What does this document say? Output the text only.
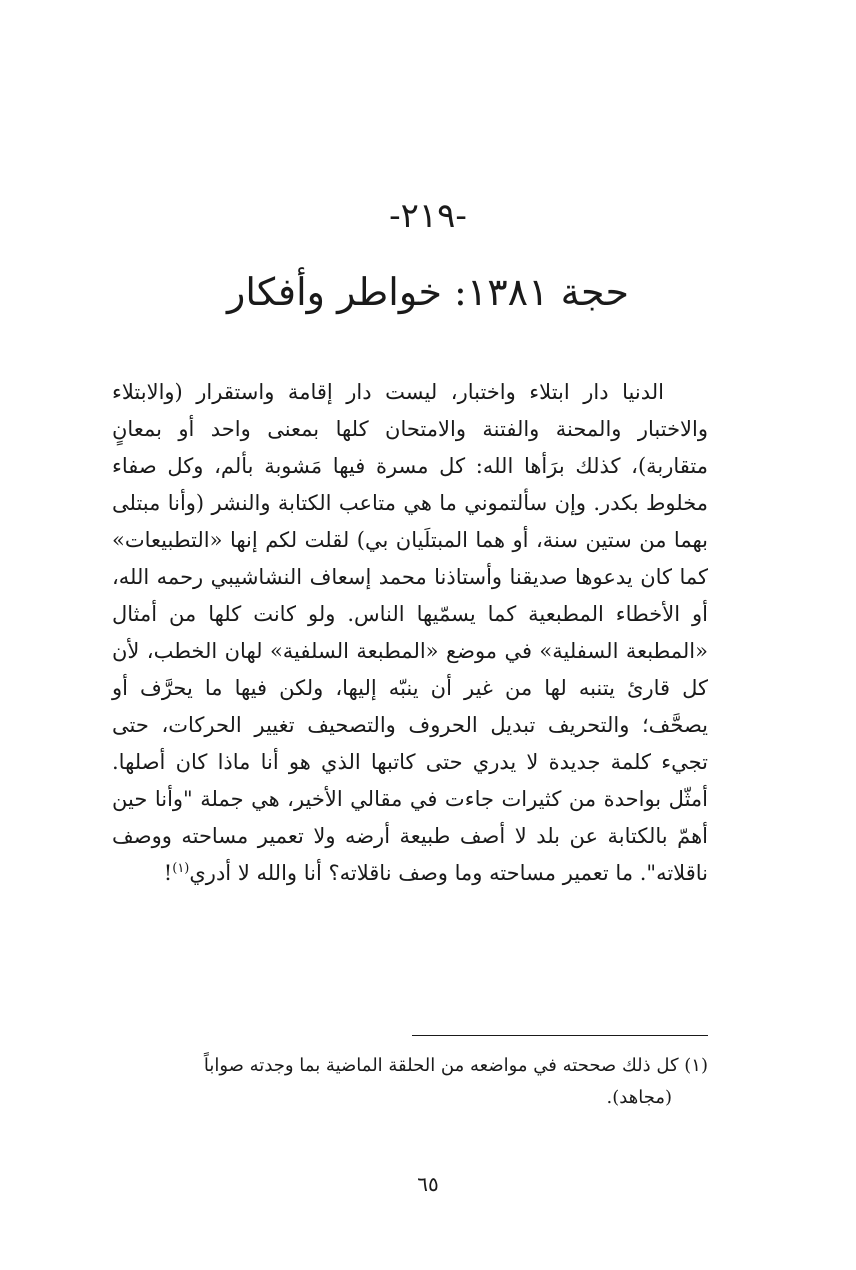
-٢١٩-
حجة ١٣٨١: خواطر وأفكار

الدنيا دار ابتلاء واختبار، ليست دار إقامة واستقرار (والابتلاء والاختبار والمحنة والفتنة والامتحان كلها بمعنى واحد أو بمعانٍ متقاربة)، كذلك برَأها الله: كل مسرة فيها مَشوبة بألم، وكل صفاء مخلوط بكدر. وإن سألتموني ما هي متاعب الكتابة والنشر (وأنا مبتلى بهما من ستين سنة، أو هما المبتلَيان بي) لقلت لكم إنها «التطبيعات» كما كان يدعوها صديقنا وأستاذنا محمد إسعاف النشاشيبي رحمه الله، أو الأخطاء المطبعية كما يسمّيها الناس. ولو كانت كلها من أمثال «المطبعة السفلية» في موضع «المطبعة السلفية» لهان الخطب، لأن كل قارئ يتنبه لها من غير أن ينبّه إليها، ولكن فيها ما يحرَّف أو يصحَّف؛ والتحريف تبديل الحروف والتصحيف تغيير الحركات، حتى تجيء كلمة جديدة لا يدري حتى كاتبها الذي هو أنا ماذا كان أصلها. أمثّل بواحدة من كثيرات جاءت في مقالي الأخير، هي جملة "وأنا حين أهمّ بالكتابة عن بلد لا أصف طبيعة أرضه ولا تعمير مساحته ووصف ناقلاته". ما تعمير مساحته وما وصف ناقلاته؟ أنا والله لا أدري$^{(١)}$!

(١) كل ذلك صححته في مواضعه من الحلقة الماضية بما وجدته صواباً
(مجاهد).
٦٥
